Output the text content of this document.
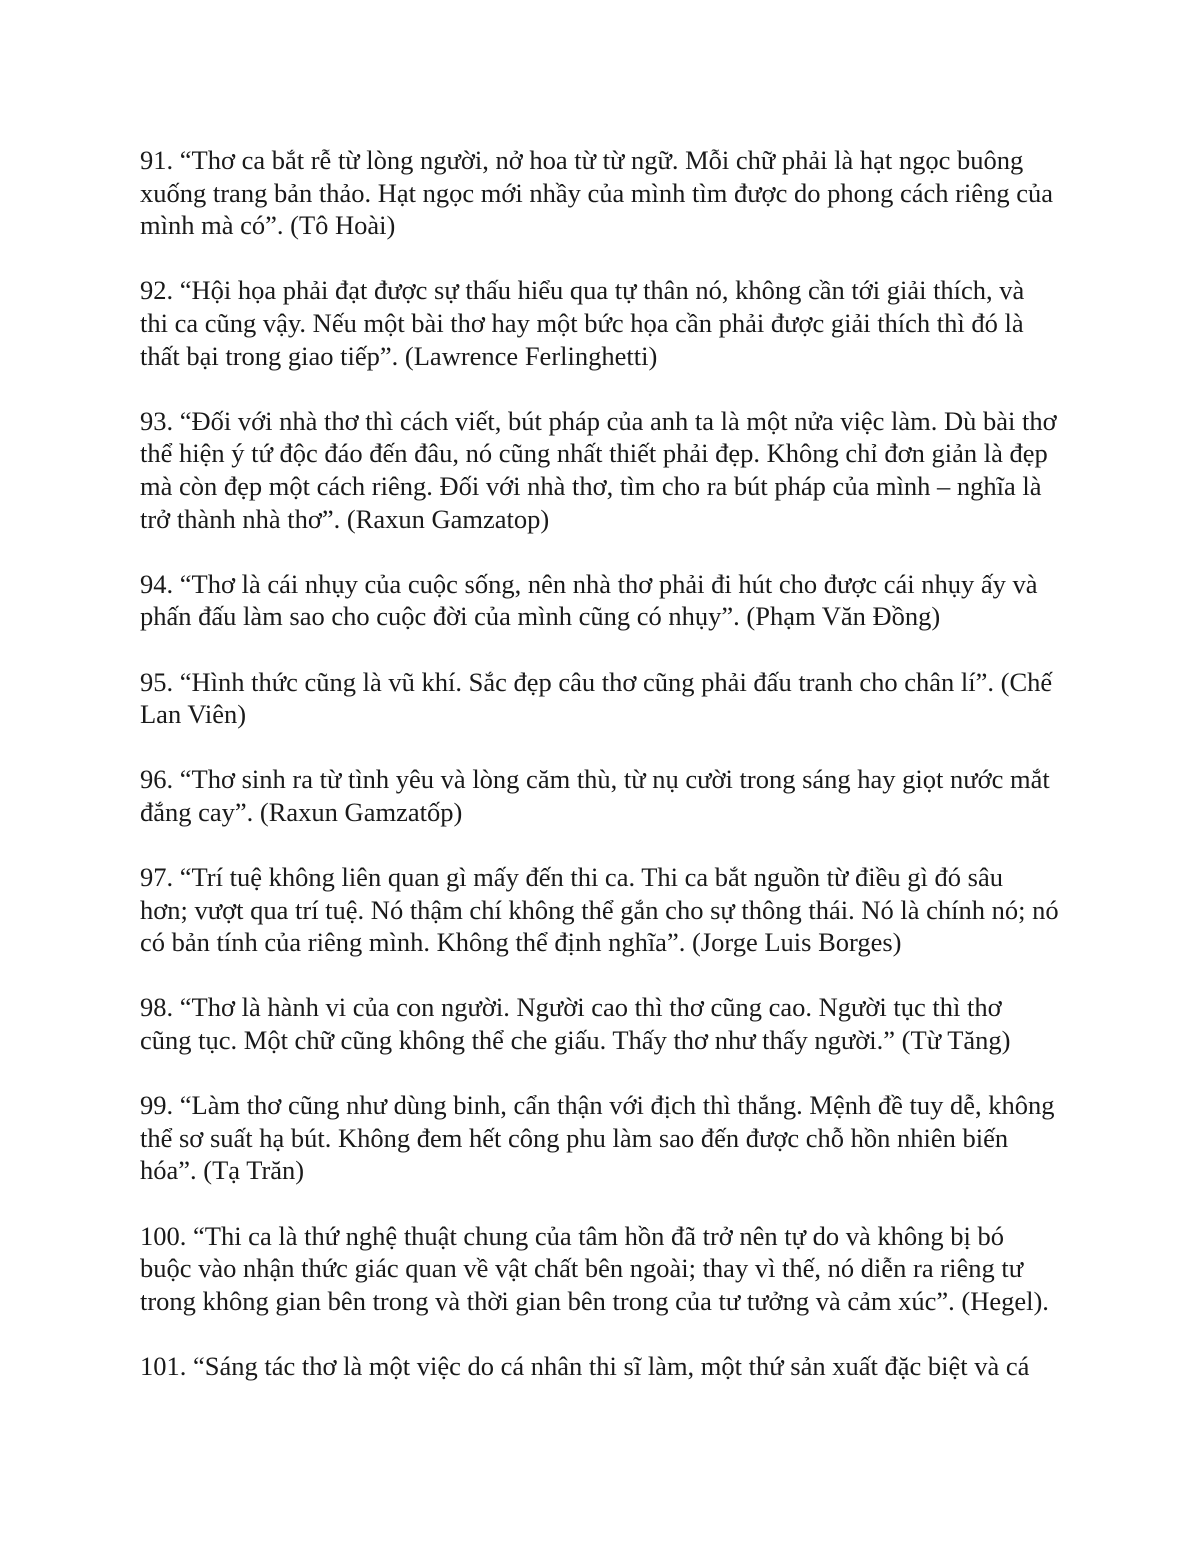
91. “Thơ ca bắt rễ từ lòng người, nở hoa từ từ ngữ. Mỗi chữ phải là hạt ngọc buông
xuống trang bản thảo. Hạt ngọc mới nhầy của mình tìm được do phong cách riêng của
mình mà có”. (Tô Hoài)

92. “Hội họa phải đạt được sự thấu hiểu qua tự thân nó, không cần tới giải thích, và
thi ca cũng vậy. Nếu một bài thơ hay một bức họa cần phải được giải thích thì đó là
thất bại trong giao tiếp”. (Lawrence Ferlinghetti)

93. “Đối với nhà thơ thì cách viết, bút pháp của anh ta là một nửa việc làm. Dù bài thơ
thể hiện ý tứ độc đáo đến đâu, nó cũng nhất thiết phải đẹp. Không chỉ đơn giản là đẹp
mà còn đẹp một cách riêng. Đối với nhà thơ, tìm cho ra bút pháp của mình – nghĩa là
trở thành nhà thơ”. (Raxun Gamzatop)

94. “Thơ là cái nhụy của cuộc sống, nên nhà thơ phải đi hút cho được cái nhụy ấy và
phấn đấu làm sao cho cuộc đời của mình cũng có nhụy”. (Phạm Văn Đồng)

95. “Hình thức cũng là vũ khí. Sắc đẹp câu thơ cũng phải đấu tranh cho chân lí”. (Chế
Lan Viên)

96. “Thơ sinh ra từ tình yêu và lòng căm thù, từ nụ cười trong sáng hay giọt nước mắt
đắng cay”. (Raxun Gamzatốp)

97. “Trí tuệ không liên quan gì mấy đến thi ca. Thi ca bắt nguồn từ điều gì đó sâu
hơn; vượt qua trí tuệ. Nó thậm chí không thể gắn cho sự thông thái. Nó là chính nó; nó
có bản tính của riêng mình. Không thể định nghĩa”. (Jorge Luis Borges)

98. “Thơ là hành vi của con người. Người cao thì thơ cũng cao. Người tục thì thơ
cũng tục. Một chữ cũng không thể che giấu. Thấy thơ như thấy người.” (Từ Tăng)

99. “Làm thơ cũng như dùng binh, cẩn thận với địch thì thắng. Mệnh đề tuy dễ, không
thể sơ suất hạ bút. Không đem hết công phu làm sao đến được chỗ hồn nhiên biến
hóa”. (Tạ Trăn)

100. “Thi ca là thứ nghệ thuật chung của tâm hồn đã trở nên tự do và không bị bó
buộc vào nhận thức giác quan về vật chất bên ngoài; thay vì thế, nó diễn ra riêng tư
trong không gian bên trong và thời gian bên trong của tư tưởng và cảm xúc”. (Hegel).

101. “Sáng tác thơ là một việc do cá nhân thi sĩ làm, một thứ sản xuất đặc biệt và cá
